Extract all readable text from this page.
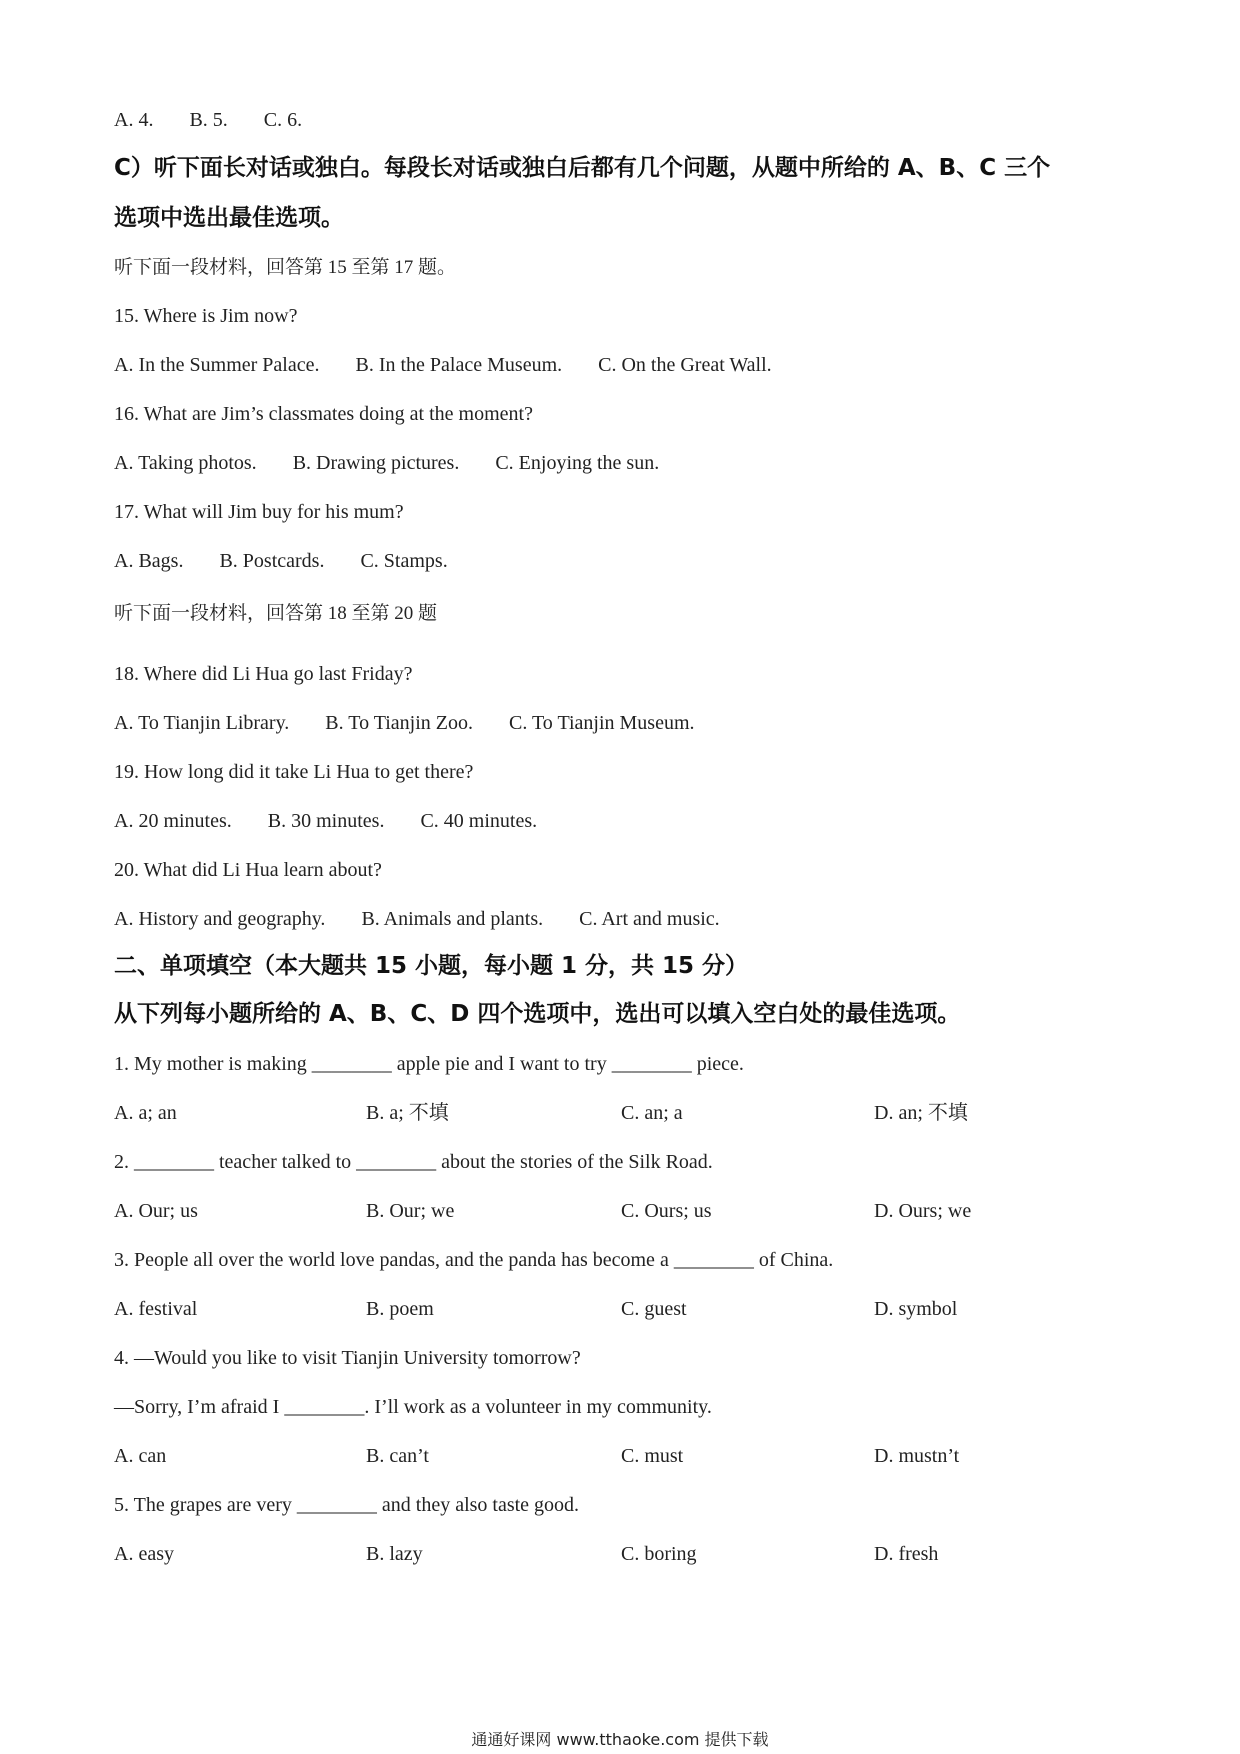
A. 4. B. 5. C. 6.
C）听下面长对话或独白。每段长对话或独白后都有几个问题，从题中所给的 A、B、C 三个
选项中选出最佳选项。
听下面一段材料，回答第 15 至第 17 题。
15. Where is Jim now?
A. In the Summer Palace. B. In the Palace Museum. C. On the Great Wall.
16. What are Jim’s classmates doing at the moment?
A. Taking photos. B. Drawing pictures. C. Enjoying the sun.
17. What will Jim buy for his mum?
A. Bags. B. Postcards. C. Stamps.
听下面一段材料，回答第 18 至第 20 题
18. Where did Li Hua go last Friday?
A. To Tianjin Library. B. To Tianjin Zoo. C. To Tianjin Museum.
19. How long did it take Li Hua to get there?
A. 20 minutes. B. 30 minutes. C. 40 minutes.
20. What did Li Hua learn about?
A. History and geography. B. Animals and plants. C. Art and music.
二、单项填空（本大题共 15 小题，每小题 1 分，共 15 分）
从下列每小题所给的 A、B、C、D 四个选项中，选出可以填入空白处的最佳选项。
1. My mother is making ________ apple pie and I want to try ________ piece.
A. a; an	B. a; 不填	C. an; a	D. an; 不填
2. ________ teacher talked to ________ about the stories of the Silk Road.
A. Our; us	B. Our; we	C. Ours; us	D. Ours; we
3. People all over the world love pandas, and the panda has become a ________ of China.
A. festival	B. poem	C. guest	D. symbol
4. —Would you like to visit Tianjin University tomorrow?
—Sorry, I’m afraid I ________. I’ll work as a volunteer in my community.
A. can	B. can’t	C. must	D. mustn’t
5. The grapes are very ________ and they also taste good.
A. easy	B. lazy	C. boring	D. fresh
通通好课网 www.tthaoke.com 提供下载
